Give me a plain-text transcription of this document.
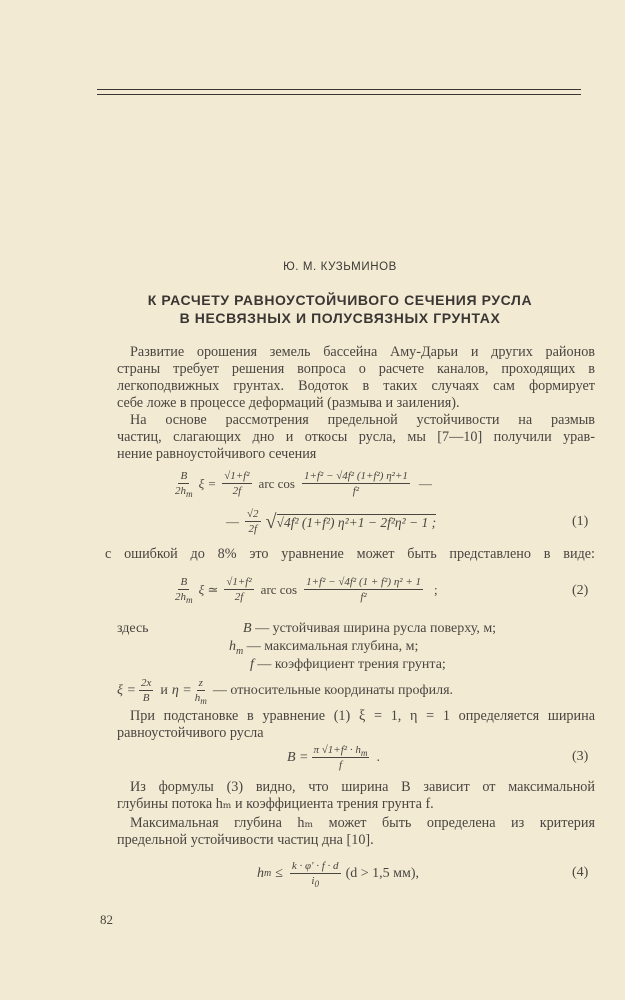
Ю. М. КУЗЬМИНОВ
К РАСЧЕТУ РАВНОУСТОЙЧИВОГО СЕЧЕНИЯ РУСЛА
В НЕСВЯЗНЫХ И ПОЛУСВЯЗНЫХ ГРУНТАХ
Развитие орошения земель бассейна Аму-Дарьи и других районов
страны требует решения вопроса о расчете каналов, проходящих в
легкоподвижных грунтах. Водоток в таких случаях сам формирует
себе ложе в процессе деформаций (размыва и заиления).
На основе рассмотрения предельной устойчивости на размыв
частиц, слагающих дно и откосы русла, мы [7—10] получили урав-
нение равноустойчивого сечения
$\frac{B}{2h_m}$ $\xi = \frac{\text{√1+f²}}{2f}$ arc $\cos \frac{\text{1+f² − √4f² (1+f²) η²+1}}{\text{f²}}$ —
— $\frac{√2}{2f}$ √ √4f² (1+f²) η²+1 − 2f²η² − 1 ;	(1)
с ошибкой до 8% это уравнение может быть представлено в виде:
$\frac{B}{2h_m}$ ξ ≃ $\frac{\text{√1+f²}}{2f}$ arc $\cos \frac{\text{1+f² − √4f² (1 + f²) η² + 1}}{\text{f²}}$ ;	(2)
здесь	B — устойчивая ширина русла поверху, м;
$h_m$ — максимальная глубина, м;
f — коэффициент трения грунта;
$\xi = \frac{2x}{B}$ и $\eta = \frac{z}{h_m}$ — относительные координаты профиля.
При подстановке в уравнение (1) ξ = 1, η = 1 определяется ширина
равноустойчивого русла
$B = \frac{\pi √1+f^2 \cdot h_m}{f}$ .	(3)
Из формулы (3) видно, что ширина B зависит от максимальной
глубины потока hₘ и коэффициента трения грунта f.
Максимальная глубина hₘ может быть определена из критерия
предельной устойчивости частиц дна [10].
h $m \le \frac{k \cdot \varphi' \cdot f \cdot d}{i_0} (d > 1,5$ мм),	(4)
82
